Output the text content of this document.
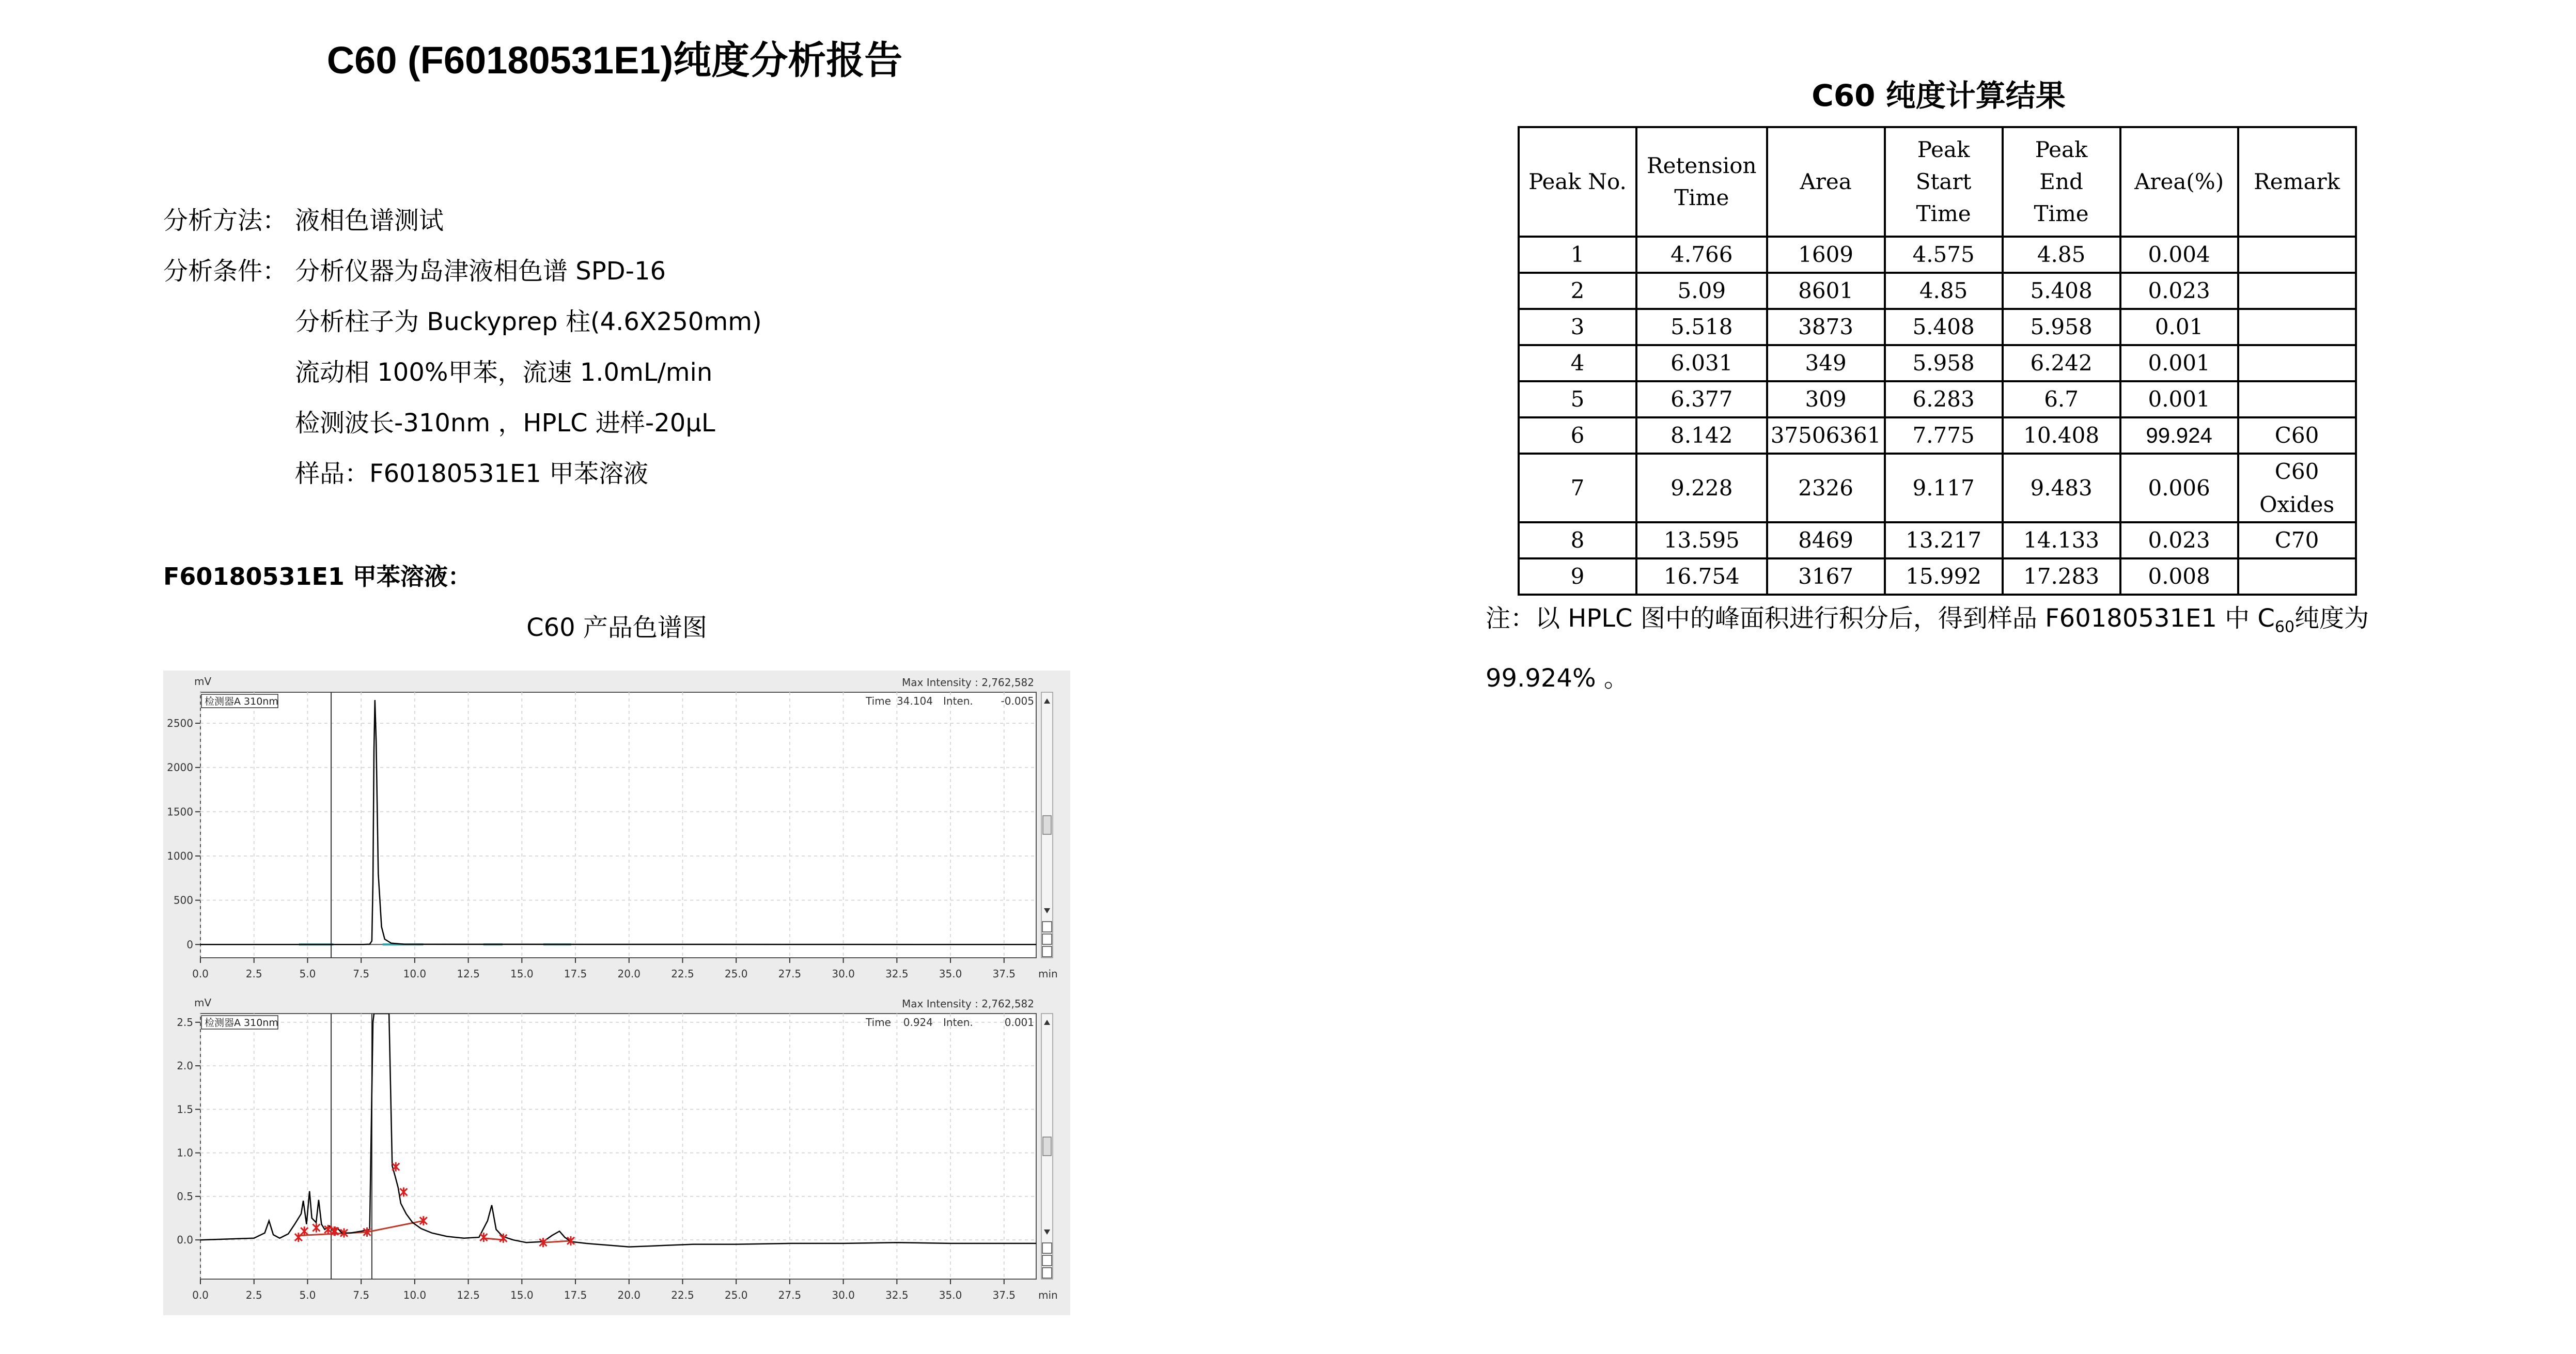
C60 (F60180531E1)纯度分析报告
分析方法： 液相色谱测试
分析条件： 分析仪器为岛津液相色谱 SPD-16
分析柱子为 Buckyprep 柱(4.6X250mm)
流动相 100%甲苯，流速 1.0mL/min
检测波长-310nm ，HPLC 进样-20μL
样品：F60180531E1 甲苯溶液
F60180531E1 甲苯溶液：
C60 产品色谱图
0.0	2.5	5.0	7.5	10.0	12.5	15.0	17.5	20.0	22.5	25.0	27.5	30.0	32.5	35.0	37.5
0
500
1000
1500
2000
2500
mV
检测器A 310nm
Max Intensity : 2,762,582
Time 34.104 Inten.	-0.005
min
0.0	2.5	5.0	7.5	10.0	12.5	15.0	17.5	20.0	22.5	25.0	27.5	30.0	32.5	35.0	37.5
0.0
0.5
1.0
1.5
2.0
2.5
mV
检测器A 310nm
Max Intensity : 2,762,582
Time 0.924 Inten.	0.001
min
C60 纯度计算结果
Peak No.	Retension Time	Area	Peak Start Time	Peak End Time	Area(%)	Remark
1	4.766	1609	4.575	4.85	0.004	
2	5.09	8601	4.85	5.408	0.023	
3	5.518	3873	5.408	5.958	0.01	
4	6.031	349	5.958	6.242	0.001	
5	6.377	309	6.283	6.7	0.001	
6	8.142	37506361	7.775	10.408	99.924	C60
7	9.228	2326	9.117	9.483	0.006	C60 Oxides
8	13.595	8469	13.217	14.133	0.023	C70
9	16.754	3167	15.992	17.283	0.008	
注：以 HPLC 图中的峰面积进行积分后，得到样品 F60180531E1 中 $C_{60}$纯度为
99.924% 。
